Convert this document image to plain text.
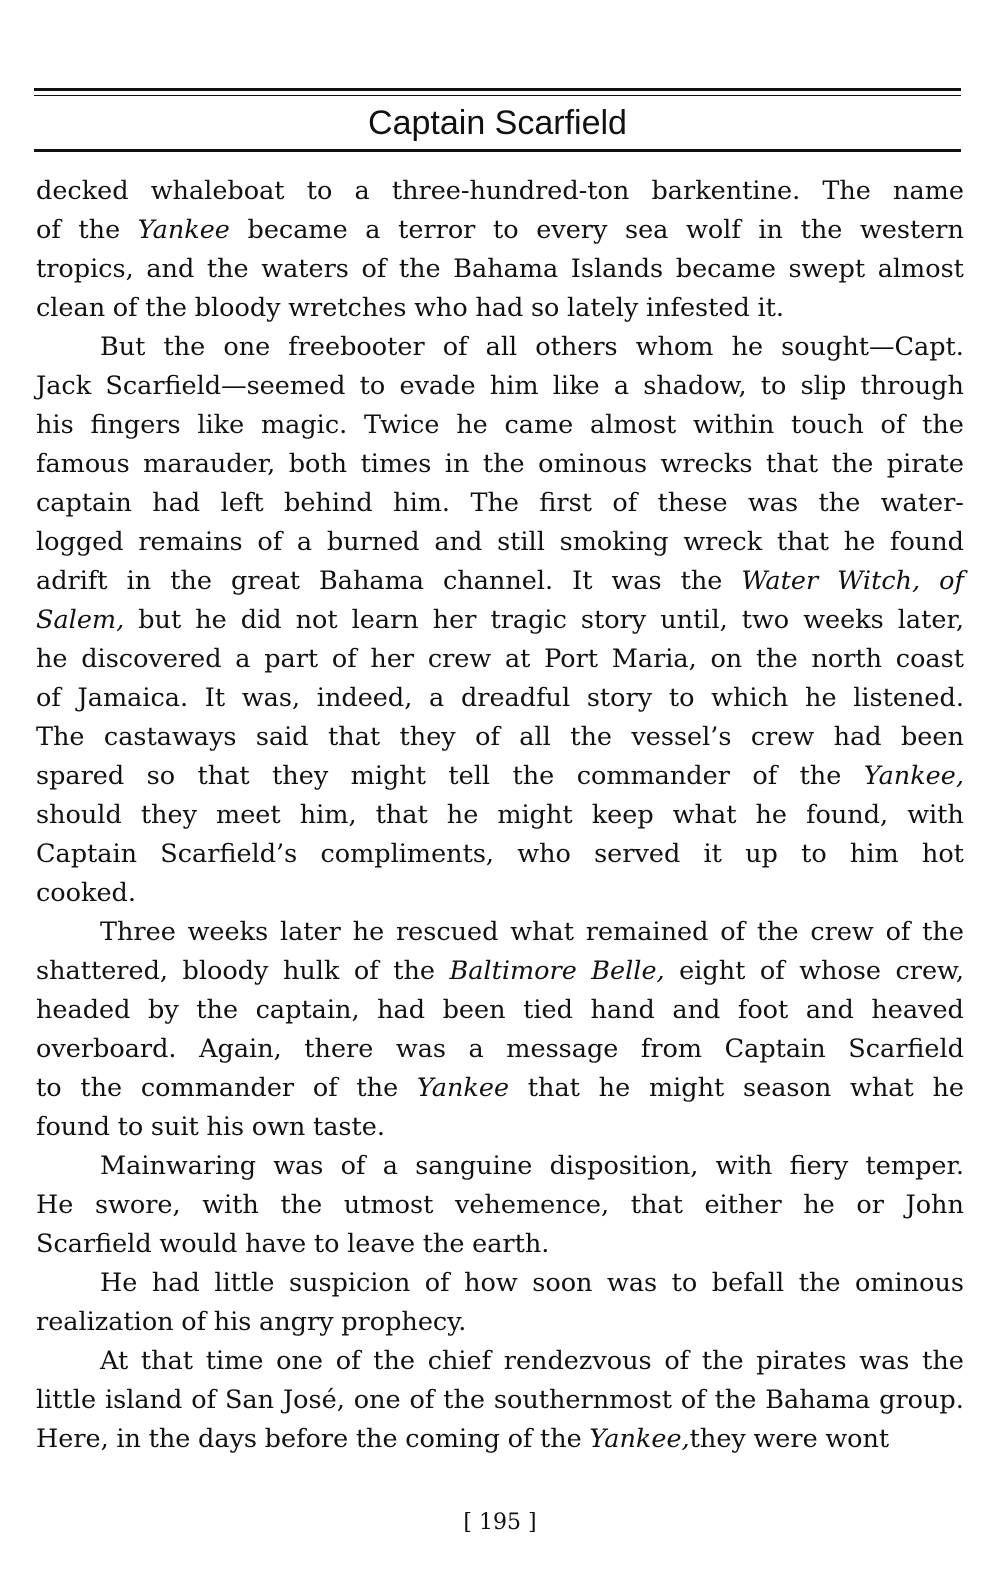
Captain Scarfield
decked whaleboat to a three-hundred-ton barkentine. The name
of the Yankee became a terror to every sea wolf in the western
tropics, and the waters of the Bahama Islands became swept almost
clean of the bloody wretches who had so lately infested it.
But the one freebooter of all others whom he sought—Capt.
Jack Scarfield—seemed to evade him like a shadow, to slip through
his fingers like magic. Twice he came almost within touch of the
famous marauder, both times in the ominous wrecks that the pirate
captain had left behind him. The first of these was the water-
logged remains of a burned and still smoking wreck that he found
adrift in the great Bahama channel. It was the Water Witch, of
Salem, but he did not learn her tragic story until, two weeks later,
he discovered a part of her crew at Port Maria, on the north coast
of Jamaica. It was, indeed, a dreadful story to which he listened.
The castaways said that they of all the vessel’s crew had been
spared so that they might tell the commander of the Yankee,
should they meet him, that he might keep what he found, with
Captain Scarfield’s compliments, who served it up to him hot
cooked.
Three weeks later he rescued what remained of the crew of the
shattered, bloody hulk of the Baltimore Belle, eight of whose crew,
headed by the captain, had been tied hand and foot and heaved
overboard. Again, there was a message from Captain Scarfield
to the commander of the Yankee that he might season what he
found to suit his own taste.
Mainwaring was of a sanguine disposition, with fiery temper.
He swore, with the utmost vehemence, that either he or John
Scarfield would have to leave the earth.
He had little suspicion of how soon was to befall the ominous
realization of his angry prophecy.
At that time one of the chief rendezvous of the pirates was the
little island of San José, one of the southernmost of the Bahama group.
Here, in the days before the coming of the Yankee, they were wont
[ 195 ]
